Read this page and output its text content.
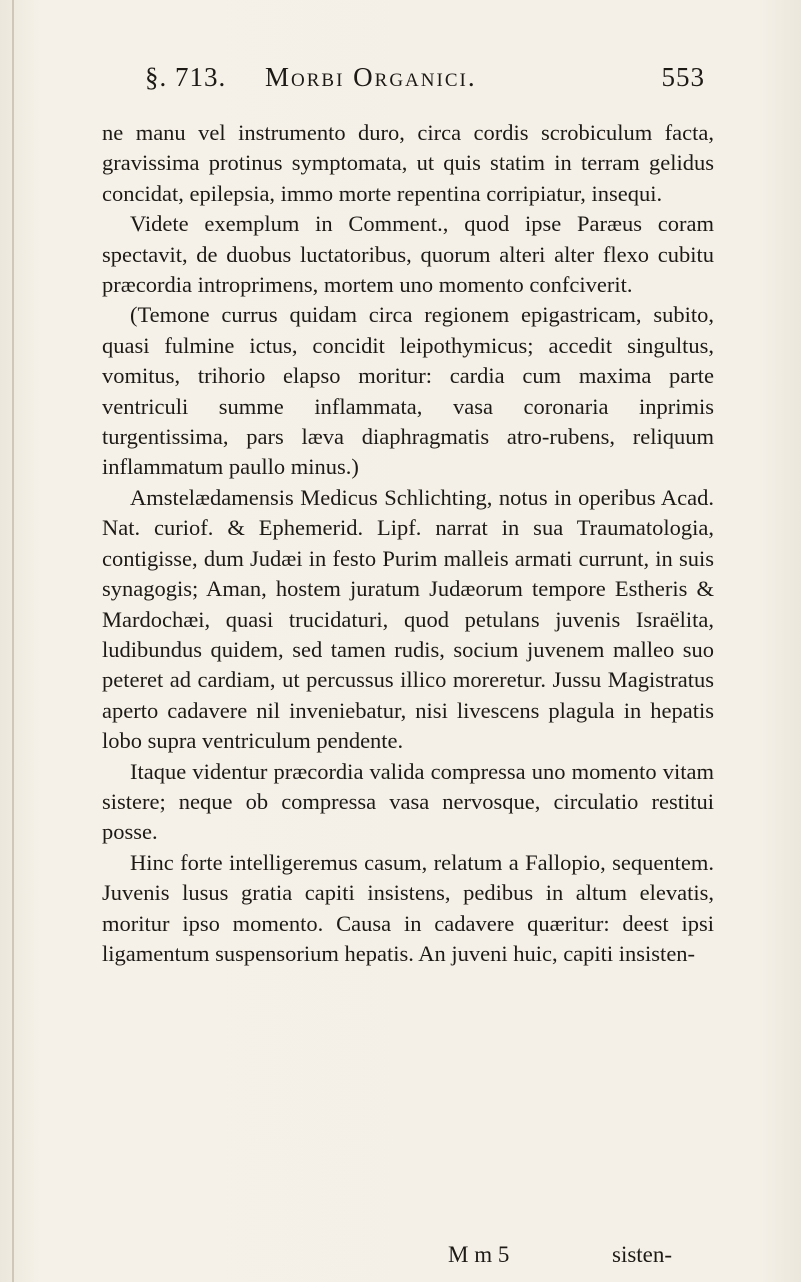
§. 713. Morbi Organici.	553

ne manu vel instrumento duro, circa cordis scrobiculum facta, gravissima protinus symptomata, ut quis statim in terram gelidus concidat, epilepsia, immo morte repentina corripiatur, insequi.

Videte exemplum in Comment., quod ipse Paræus coram spectavit, de duobus luctatoribus, quorum alteri alter flexo cubitu præcordia introprimens, mortem uno momento confciverit.

(Temone currus quidam circa regionem epigastricam, subito, quasi fulmine ictus, concidit leipothymicus; accedit singultus, vomitus, trihorio elapso moritur: cardia cum maxima parte ventriculi summe inflammata, vasa coronaria inprimis turgentissima, pars læva diaphragmatis atro-rubens, reliquum inflammatum paullo minus.)

Amstelædamensis Medicus Schlichting, notus in operibus Acad. Nat. curiof. & Ephemerid. Lipf. narrat in sua Traumatologia, contigisse, dum Judæi in festo Purim malleis armati currunt, in suis synagogis; Aman, hostem juratum Judæorum tempore Estheris & Mardochæi, quasi trucidaturi, quod petulans juvenis Israëlita, ludibundus quidem, sed tamen rudis, socium juvenem malleo suo peteret ad cardiam, ut percussus illico moreretur. Jussu Magistratus aperto cadavere nil inveniebatur, nisi livescens plagula in hepatis lobo supra ventriculum pendente.

Itaque videntur præcordia valida compressa uno momento vitam sistere; neque ob compressa vasa nervosque, circulatio restitui posse.

Hinc forte intelligeremus casum, relatum a Fallopio, sequentem. Juvenis lusus gratia capiti insistens, pedibus in altum elevatis, moritur ipso momento. Causa in cadavere quæritur: deest ipsi ligamentum suspensorium hepatis. An juveni huic, capiti insisten-

M m 5	sisten-
